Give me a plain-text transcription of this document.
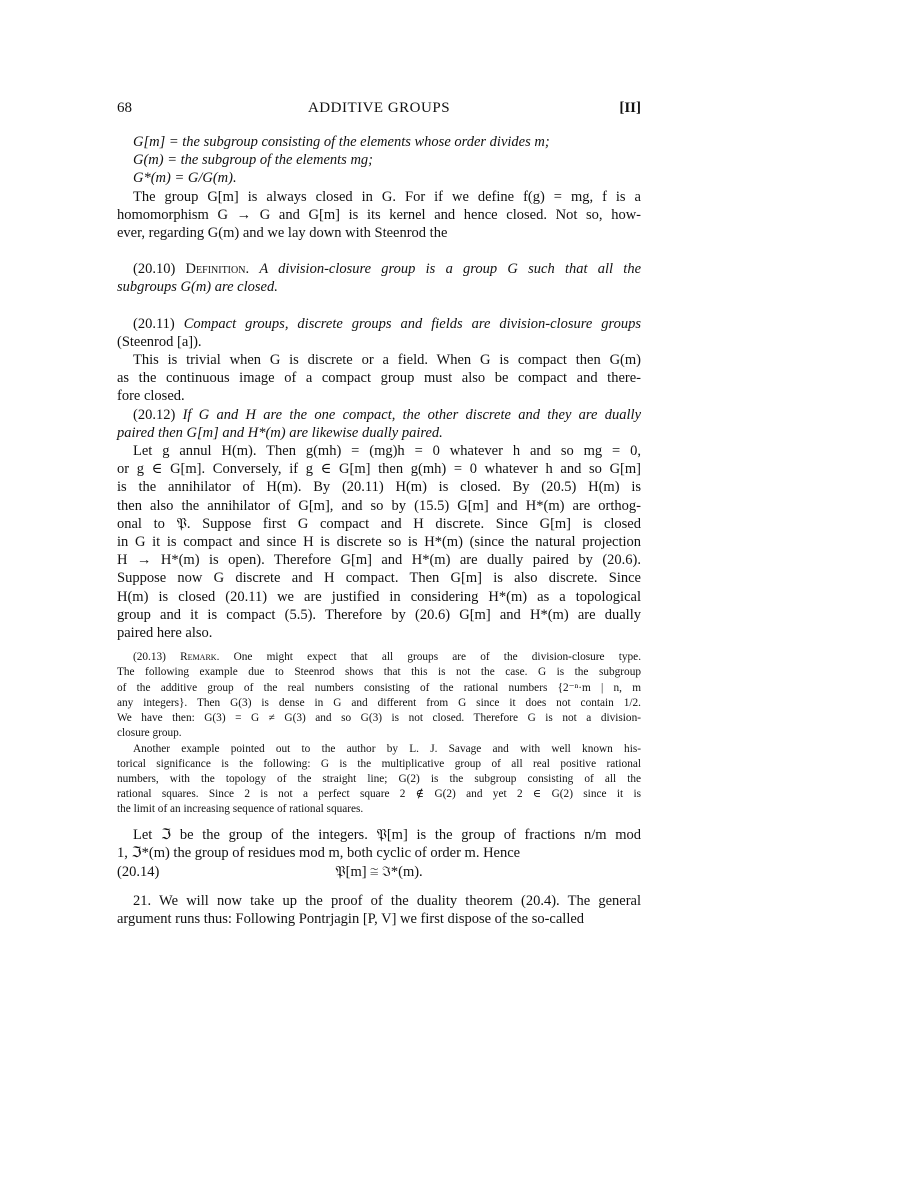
68	ADDITIVE GROUPS	[II]
G[m] = the subgroup consisting of the elements whose order divides m;
G(m) = the subgroup of the elements mg;
G*(m) = G/G(m).
The group G[m] is always closed in G. For if we define f(g) = mg, f is a
homomorphism G → G and G[m] is its kernel and hence closed. Not so, how-
ever, regarding G(m) and we lay down with Steenrod the
(20.10) Definition. A division-closure group is a group G such that all the
subgroups G(m) are closed.
(20.11) Compact groups, discrete groups and fields are division-closure groups
(Steenrod [a]).
This is trivial when G is discrete or a field. When G is compact then G(m)
as the continuous image of a compact group must also be compact and there-
fore closed.
(20.12) If G and H are the one compact, the other discrete and they are dually
paired then G[m] and H*(m) are likewise dually paired.
Let g annul H(m). Then g(mh) = (mg)h = 0 whatever h and so mg = 0,
or g ∈ G[m]. Conversely, if g ∈ G[m] then g(mh) = 0 whatever h and so G[m]
is the annihilator of H(m). By (20.11) H(m) is closed. By (20.5) H(m) is
then also the annihilator of G[m], and so by (15.5) G[m] and H*(m) are orthog-
onal to 𝔓. Suppose first G compact and H discrete. Since G[m] is closed
in G it is compact and since H is discrete so is H*(m) (since the natural projection
H → H*(m) is open). Therefore G[m] and H*(m) are dually paired by (20.6).
Suppose now G discrete and H compact. Then G[m] is also discrete. Since
H(m) is closed (20.11) we are justified in considering H*(m) as a topological
group and it is compact (5.5). Therefore by (20.6) G[m] and H*(m) are dually
paired here also.
(20.13) Remark. One might expect that all groups are of the division-closure type.
The following example due to Steenrod shows that this is not the case. G is the subgroup
of the additive group of the real numbers consisting of the rational numbers {2⁻ⁿ·m | n, m
any integers}. Then G(3) is dense in G and different from G since it does not contain 1/2.
We have then: G(3) = G ≠ G(3) and so G(3) is not closed. Therefore G is not a division-
closure group.
Another example pointed out to the author by L. J. Savage and with well known his-
torical significance is the following: G is the multiplicative group of all real positive rational
numbers, with the topology of the straight line; G(2) is the subgroup consisting of all the
rational squares. Since 2 is not a perfect square 2 ∉ G(2) and yet 2 ∈ G(2) since it is
the limit of an increasing sequence of rational squares.
Let ℑ be the group of the integers. 𝔓[m] is the group of fractions n/m mod
1, ℑ*(m) the group of residues mod m, both cyclic of order m. Hence
(20.14)	𝔓[m] ≅ ℑ*(m).
21. We will now take up the proof of the duality theorem (20.4). The general
argument runs thus: Following Pontrjagin [P, V] we first dispose of the so-called
